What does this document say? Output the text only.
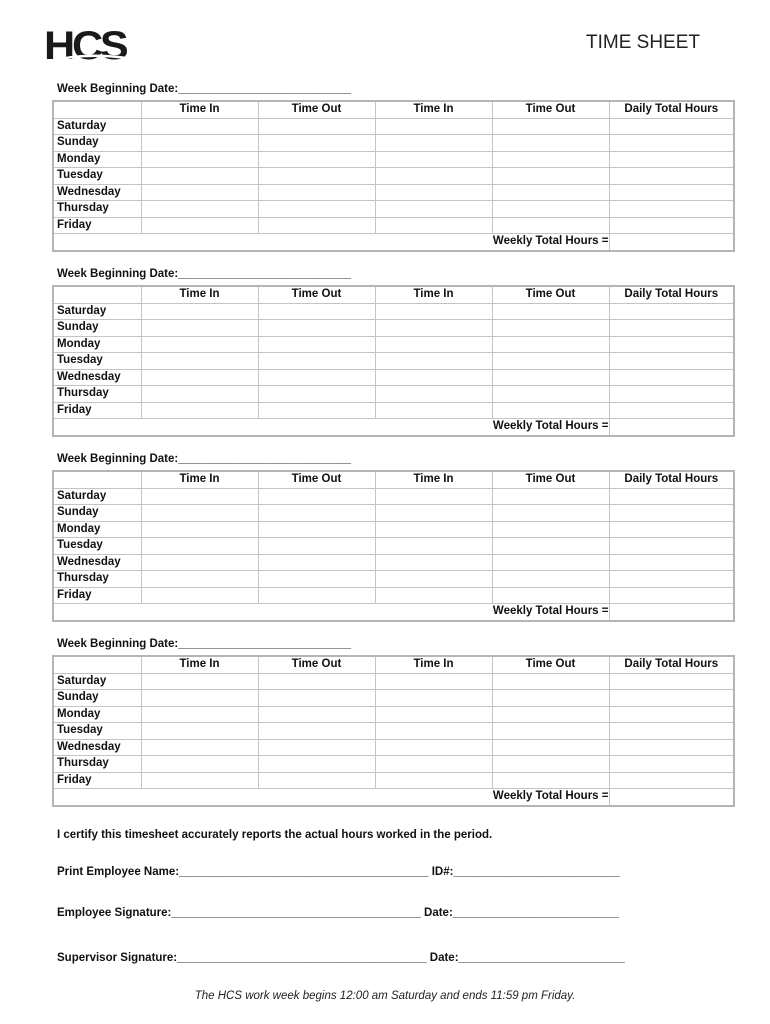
HCS	TIME SHEET
Week Beginning Date:___________________________
	Time In	Time Out	Time In	Time Out	Daily Total Hours
Saturday					
Sunday					
Monday					
Tuesday					
Wednesday					
Thursday					
Friday					
Weekly Total Hours =					
Week Beginning Date:___________________________
	Time In	Time Out	Time In	Time Out	Daily Total Hours
Saturday					
Sunday					
Monday					
Tuesday					
Wednesday					
Thursday					
Friday					
Weekly Total Hours =					
Week Beginning Date:___________________________
	Time In	Time Out	Time In	Time Out	Daily Total Hours
Saturday					
Sunday					
Monday					
Tuesday					
Wednesday					
Thursday					
Friday					
Weekly Total Hours =					
Week Beginning Date:___________________________
	Time In	Time Out	Time In	Time Out	Daily Total Hours
Saturday					
Sunday					
Monday					
Tuesday					
Wednesday					
Thursday					
Friday					
Weekly Total Hours =					
I certify this timesheet accurately reports the actual hours worked in the period.
Print Employee Name:_______________________________________ ID#:__________________________
Employee Signature:_______________________________________ Date:__________________________
Supervisor Signature:_______________________________________ Date:__________________________
The HCS work week begins 12:00 am Saturday and ends 11:59 pm Friday.
